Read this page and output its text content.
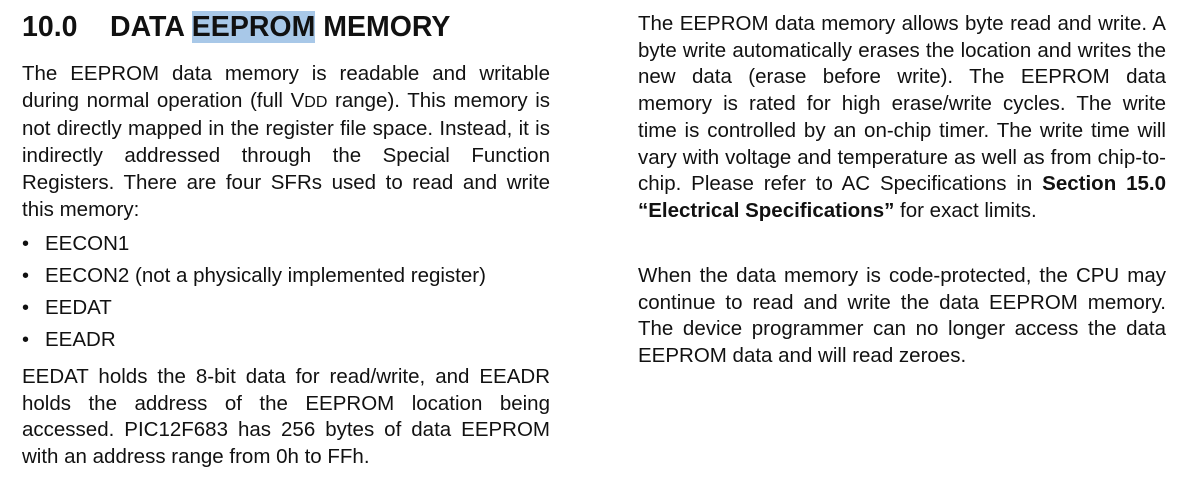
10.0 DATA EEPROM MEMORY

The EEPROM data memory is readable and writable during normal operation (full VDD range). This memory is not directly mapped in the register file space. Instead, it is indirectly addressed through the Special Function Registers. There are four SFRs used to read and write this memory:

• EECON1
• EECON2 (not a physically implemented register)
• EEDAT
• EEADR

EEDAT holds the 8-bit data for read/write, and EEADR holds the address of the EEPROM location being accessed. PIC12F683 has 256 bytes of data EEPROM with an address range from 0h to FFh.

The EEPROM data memory allows byte read and write. A byte write automatically erases the location and writes the new data (erase before write). The EEPROM data memory is rated for high erase/write cycles. The write time is controlled by an on-chip timer. The write time will vary with voltage and temperature as well as from chip-to-chip. Please refer to AC Specifications in Section 15.0 “Electrical Specifications” for exact limits.

When the data memory is code-protected, the CPU may continue to read and write the data EEPROM memory. The device programmer can no longer access the data EEPROM data and will read zeroes.
